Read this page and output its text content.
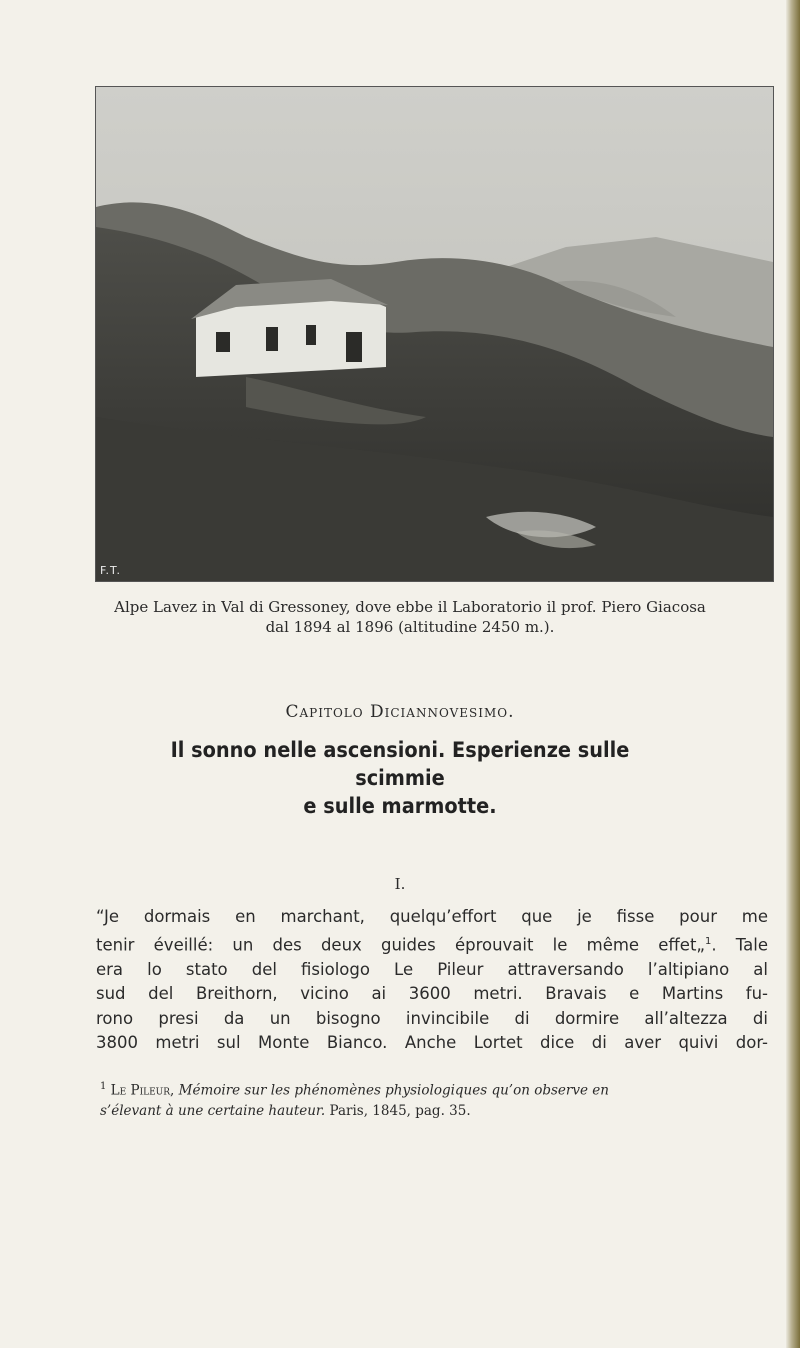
F.T.
Alpe Lavez in Val di Gressoney, dove ebbe il Laboratorio il prof. Piero Giacosa
dal 1894 al 1896 (altitudine 2450 m.).
Capitolo Diciannovesimo.
Il sonno nelle ascensioni. Esperienze sulle scimmie
e sulle marmotte.
I.
“Je dormais en marchant, quelqu’effort que je fisse pour me
tenir éveillé: un des deux guides éprouvait le même effet„$^1$. Tale
era lo stato del fisiologo Le Pileur attraversando l’altipiano al
sud del Breithorn, vicino ai 3600 metri. Bravais e Martins fu-
rono presi da un bisogno invincibile di dormire all’altezza di
3800 metri sul Monte Bianco. Anche Lortet dice di aver quivi dor-
$^1$ Le Pileur, Mémoire sur les phénomènes physiologiques qu’on observe en
s’élevant à une certaine hauteur. Paris, 1845, pag. 35.
